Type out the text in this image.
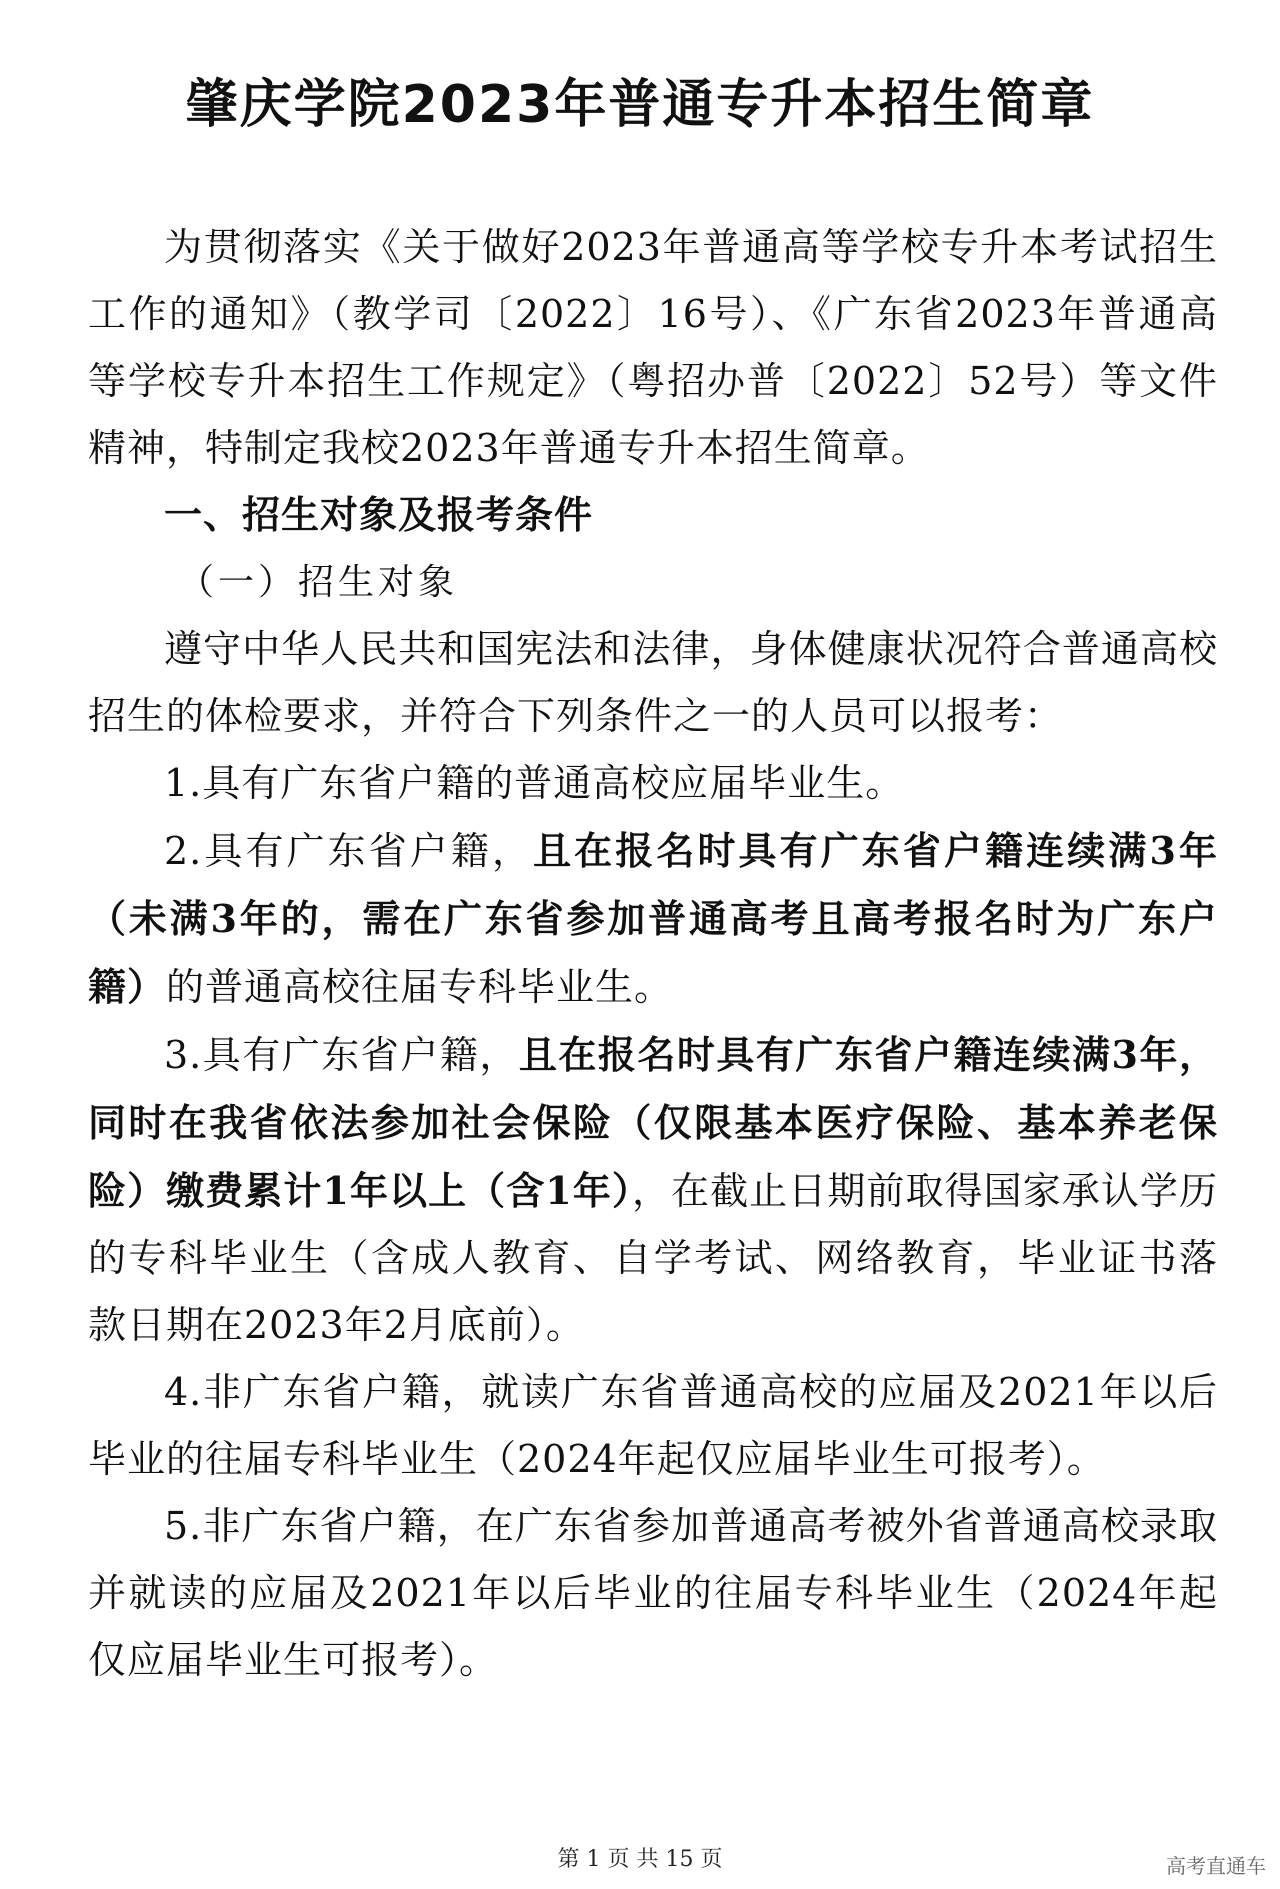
肇庆学院2023年普通专升本招生简章

为贯彻落实《关于做好2023年普通高等学校专升本考试招生工作的通知》（教学司〔2022〕16号）、《广东省2023年普通高等学校专升本招生工作规定》（粤招办普〔2022〕52号）等文件精神，特制定我校2023年普通专升本招生简章。

一、招生对象及报考条件

（一）招生对象

遵守中华人民共和国宪法和法律，身体健康状况符合普通高校招生的体检要求，并符合下列条件之一的人员可以报考：

1.具有广东省户籍的普通高校应届毕业生。

2.具有广东省户籍，且在报名时具有广东省户籍连续满3年（未满3年的，需在广东省参加普通高考且高考报名时为广东户籍）的普通高校往届专科毕业生。

3.具有广东省户籍，且在报名时具有广东省户籍连续满3年，同时在我省依法参加社会保险（仅限基本医疗保险、基本养老保险）缴费累计1年以上（含1年），在截止日期前取得国家承认学历的专科毕业生（含成人教育、自学考试、网络教育，毕业证书落款日期在2023年2月底前）。

4.非广东省户籍，就读广东省普通高校的应届及2021年以后毕业的往届专科毕业生（2024年起仅应届毕业生可报考）。

5.非广东省户籍，在广东省参加普通高考被外省普通高校录取并就读的应届及2021年以后毕业的往届专科毕业生（2024年起仅应届毕业生可报考）。

第 1 页 共 15 页	高考直通车
